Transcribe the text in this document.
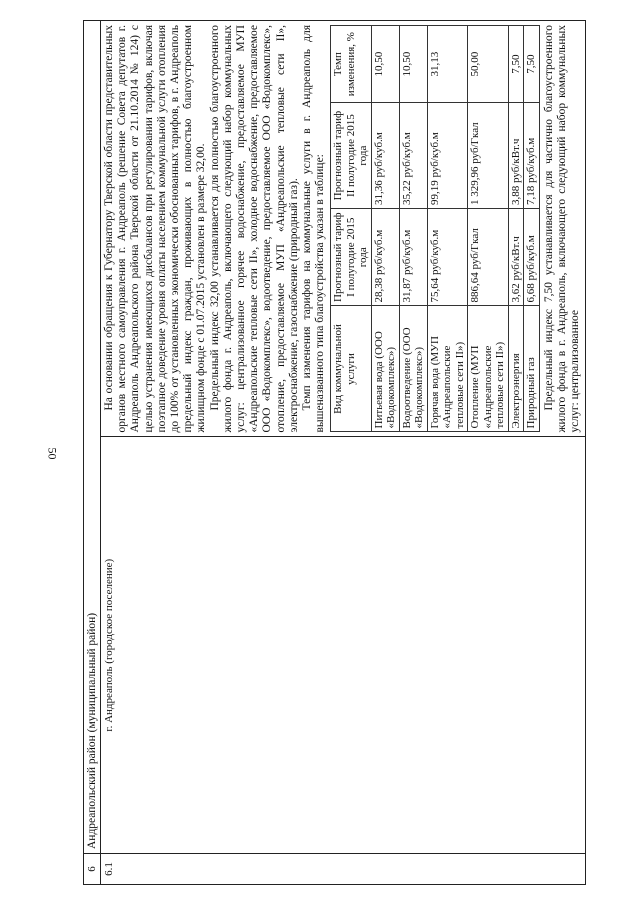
50
6	Андреапольский район (муниципальный район)
6.1	г. Андреаполь (городское поселение)	

На основании обращения к Губернатору Тверской области представительных органов местного самоуправления г. Андреаполь (решение Совета депутатов г. Андреаполь Андреапольского района Тверской области от 21.10.2014 № 124) с целью устранения имеющихся дисбалансов при регулировании тарифов, включая поэтапное доведение уровня оплаты населением коммунальной услуги отопления до 100% от установленных экономически обоснованных тарифов, в г. Андреаполь предельный индекс граждан, проживающих в полностью благоустроенном жилищном фонде с 01.07.2015 установлен в размере 32,00. Предельный индекс 32,00 устанавливается для полностью благоустроенного жилого фонда г. Андреаполь, включающего следующий набор коммунальных услуг: централизованное горячее водоснабжение, предоставляемое МУП «Андреапольские тепловые сети II», холодное водоснабжение, предоставляемое ООО «Водокомплекс», водоотведение, предоставляемое ООО «Водокомплекс», отопление, предоставляемое МУП «Андреапольские тепловые сети II», электроснабжение, газоснабжение (природный газ). Темп изменения тарифов на коммунальные услуги в г. Андреаполь для вышеназванного типа благоустройства указан в таблице: Вид коммунальной услуги	Прогнозный тариф I полугодие 2015 года	Прогнозный тариф II полугодие 2015 года	Темп изменения, %
Питьевая вода (ООО «Водокомплекс»)	28,38 руб/куб.м	31,36 руб/куб.м	10,50
Водоотведение (ООО «Водокомплекс»)	31,87 руб/куб.м	35,22 руб/куб.м	10,50
Горячая вода (МУП «Андреапольские тепловые сети II»)	75,64 руб/куб.м	99,19 руб/куб.м	31,13
Отопление (МУП «Андреапольские тепловые сети II»)	886,64 руб/Гкал	1 329,96 руб/Гкал	50,00
Электроэнергия	3,62 руб/кВт.ч	3,88 руб/кВт.ч	7,50
Природный газ	6,68 руб/куб.м	7,18 руб/куб.м	7,50 Предельный индекс 7,50 устанавливается для частично благоустроенного жилого фонда в г. Андреаполь, включающего следующий набор коммунальных услуг: централизованное
